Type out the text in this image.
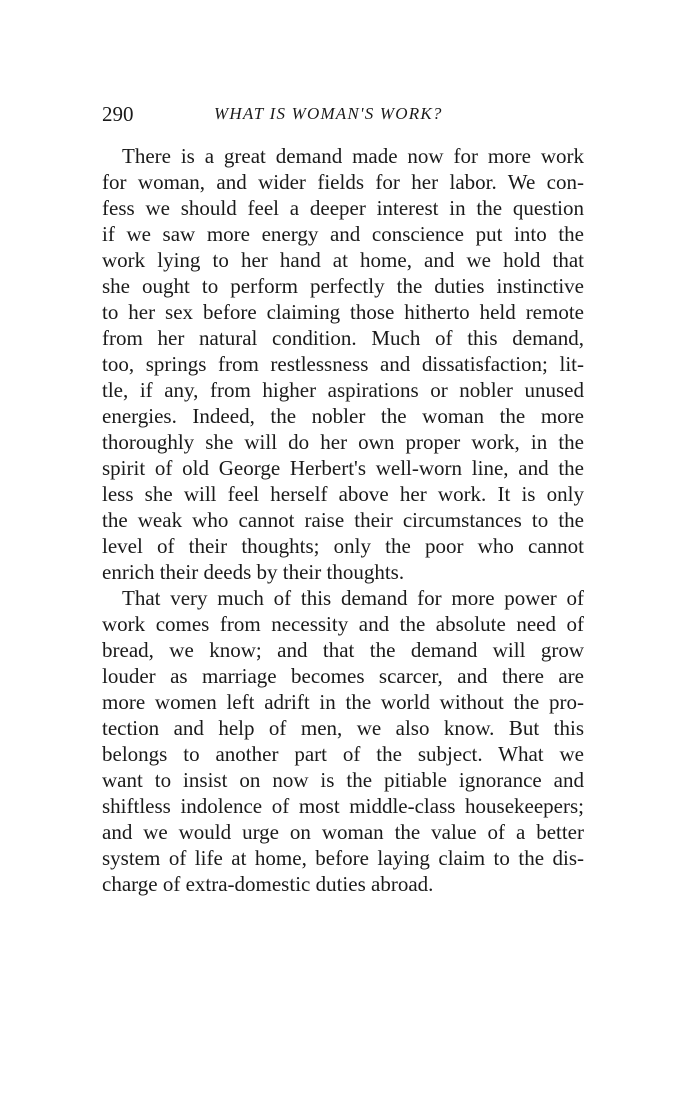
290	WHAT IS WOMAN'S WORK?
There is a great demand made now for more work
for woman, and wider fields for her labor. We con-
fess we should feel a deeper interest in the question
if we saw more energy and conscience put into the
work lying to her hand at home, and we hold that
she ought to perform perfectly the duties instinctive
to her sex before claiming those hitherto held remote
from her natural condition. Much of this demand,
too, springs from restlessness and dissatisfaction; lit-
tle, if any, from higher aspirations or nobler unused
energies. Indeed, the nobler the woman the more
thoroughly she will do her own proper work, in the
spirit of old George Herbert's well-worn line, and the
less she will feel herself above her work. It is only
the weak who cannot raise their circumstances to the
level of their thoughts; only the poor who cannot
enrich their deeds by their thoughts.
That very much of this demand for more power of
work comes from necessity and the absolute need of
bread, we know; and that the demand will grow
louder as marriage becomes scarcer, and there are
more women left adrift in the world without the pro-
tection and help of men, we also know. But this
belongs to another part of the subject. What we
want to insist on now is the pitiable ignorance and
shiftless indolence of most middle-class housekeepers;
and we would urge on woman the value of a better
system of life at home, before laying claim to the dis-
charge of extra-domestic duties abroad.
